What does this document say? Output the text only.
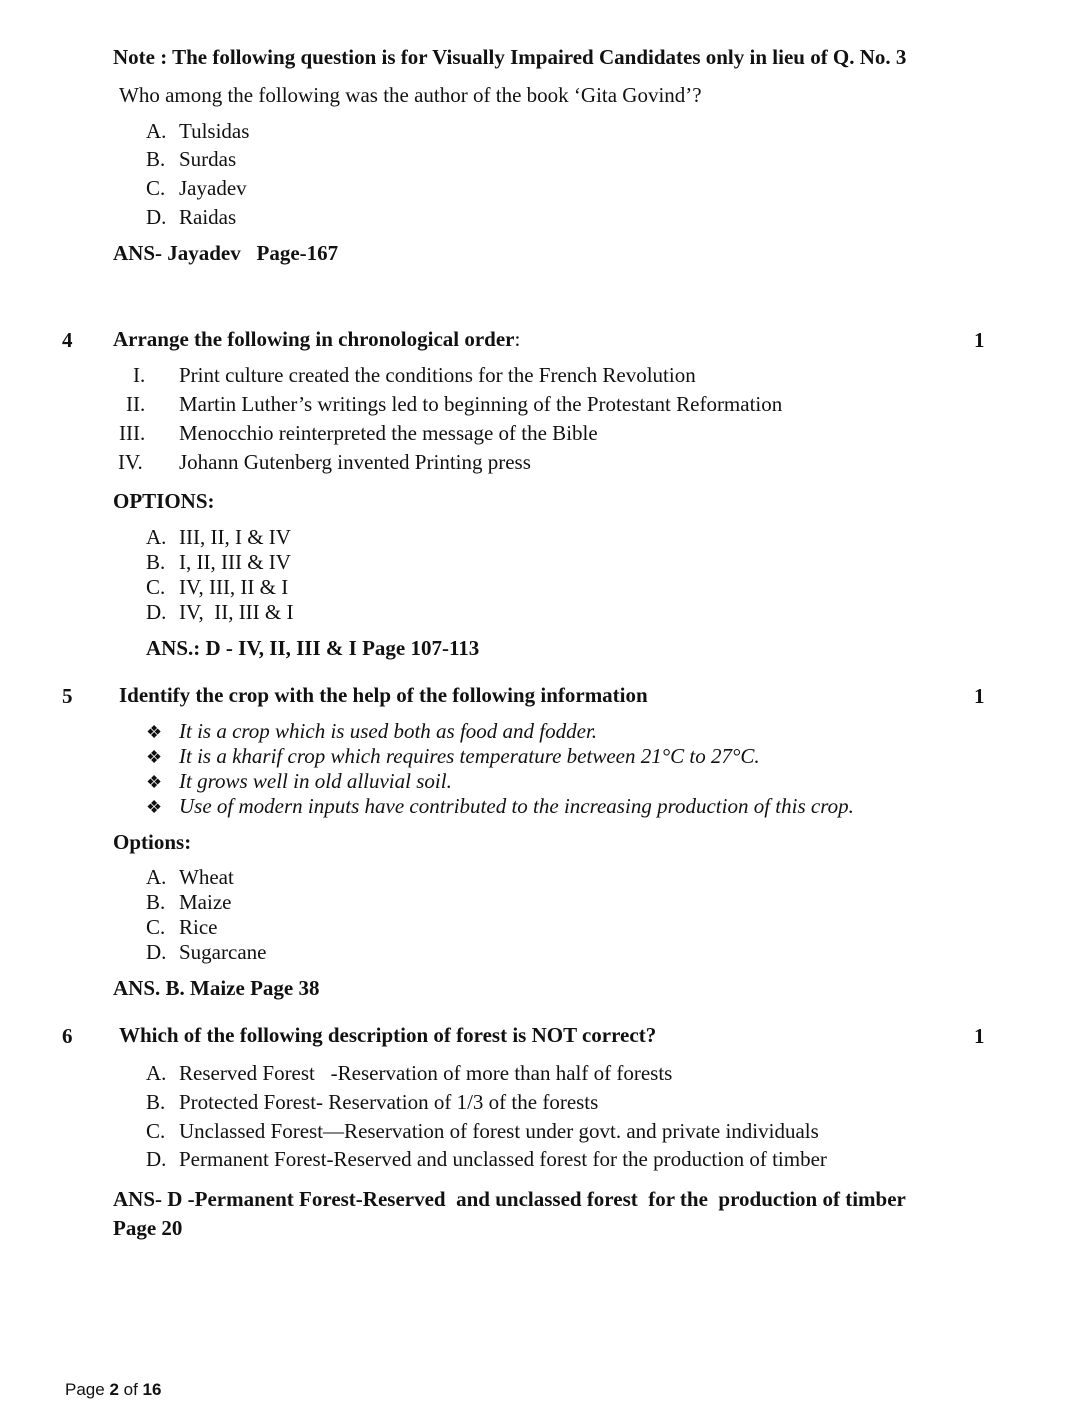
Note : The following question is for Visually Impaired Candidates only in lieu of Q. No. 3
Who among the following was the author of the book ‘Gita Govind’?
A. Tulsidas
B. Surdas
C. Jayadev
D. Raidas
ANS- Jayadev   Page-167
4 Arrange the following in chronological order:	1
I. Print culture created the conditions for the French Revolution
II. Martin Luther’s writings led to beginning of the Protestant Reformation
III. Menocchio reinterpreted the message of the Bible
IV. Johann Gutenberg invented Printing press
OPTIONS:
A. III, II, I & IV
B. I, II, III & IV
C. IV, III, II & I
D. IV,  II, III & I
ANS.: D - IV, II, III & I Page 107-113
5 Identify the crop with the help of the following information	1
❖ It is a crop which is used both as food and fodder.
❖ It is a kharif crop which requires temperature between 21°C to 27°C.
❖ It grows well in old alluvial soil.
❖ Use of modern inputs have contributed to the increasing production of this crop.
Options:
A. Wheat
B. Maize
C. Rice
D. Sugarcane
ANS. B. Maize Page 38
6 Which of the following description of forest is NOT correct?	1
A. Reserved Forest   -Reservation of more than half of forests
B. Protected Forest- Reservation of 1/3 of the forests
C. Unclassed Forest—Reservation of forest under govt. and private individuals
D. Permanent Forest-Reserved and unclassed forest for the production of timber
ANS- D -Permanent Forest-Reserved  and unclassed forest  for the  production of timber
Page 20
Page 2 of 16
